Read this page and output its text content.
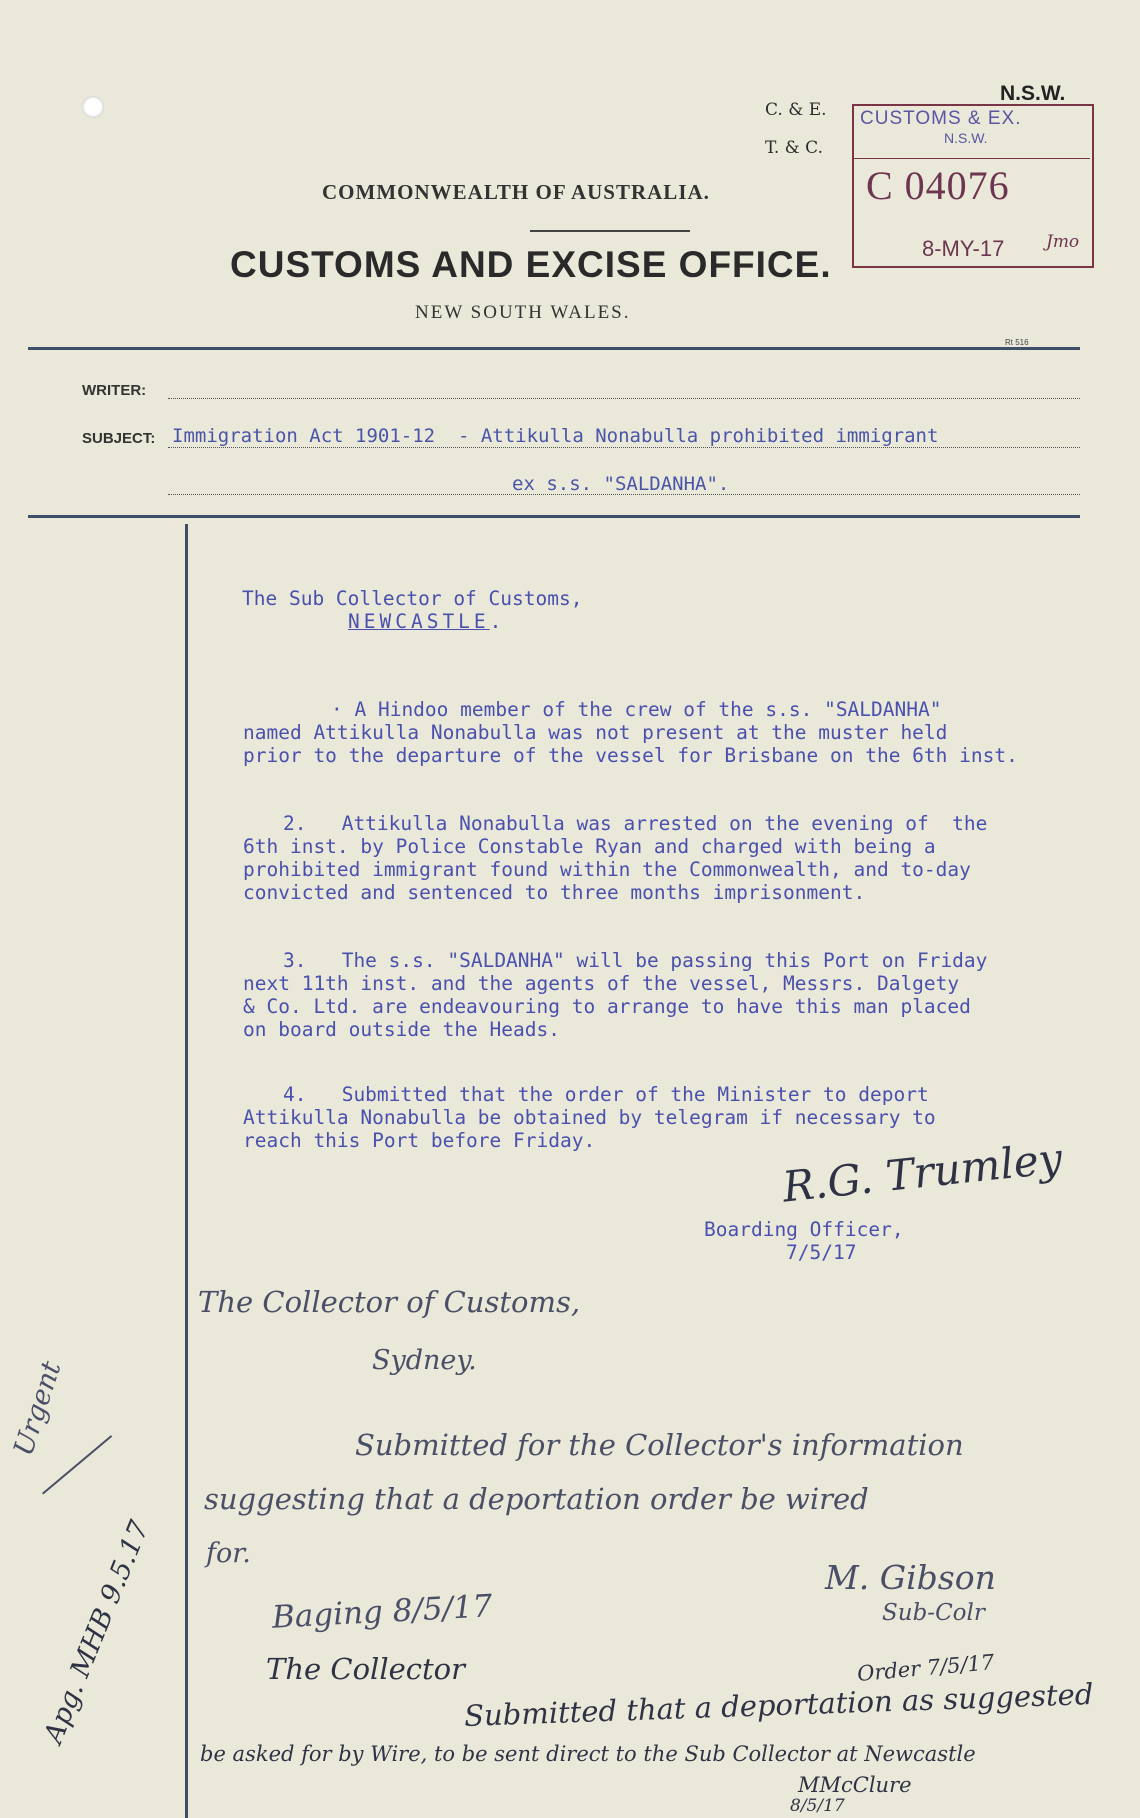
N.S.W.
C. & E.
T. & C.
COMMONWEALTH OF AUSTRALIA.
CUSTOMS AND EXCISE OFFICE.
NEW SOUTH WALES.
CUSTOMS & EX.
N.S.W.
C 04076
8-MY-17 Jmo
Rt 516
WRITER:
SUBJECT: Immigration Act 1901-12  - Attikulla Nonabulla prohibited immigrant
ex s.s. "SALDANHA".
The Sub Collector of Customs,
NEWCASTLE.
· A Hindoo member of the crew of the s.s. "SALDANHA"
named Attikulla Nonabulla was not present at the muster held
prior to the departure of the vessel for Brisbane on the 6th inst.
2.   Attikulla Nonabulla was arrested on the evening of  the
6th inst. by Police Constable Ryan and charged with being a
prohibited immigrant found within the Commonwealth, and to-day
convicted and sentenced to three months imprisonment.
3.   The s.s. "SALDANHA" will be passing this Port on Friday
next 11th inst. and the agents of the vessel, Messrs. Dalgety
& Co. Ltd. are endeavouring to arrange to have this man placed
on board outside the Heads.
4.   Submitted that the order of the Minister to deport
Attikulla Nonabulla be obtained by telegram if necessary to
reach this Port before Friday.	R.G. Trumley
Boarding Officer,
7/5/17
The Collector of Customs,
Sydney.
Submitted for the Collector's information
suggesting that a deportation order be wired
for.
M. Gibson
Sub-Colr
Baging 8/5/17
The Collector	Order 7/5/17
Submitted that a deportation as suggested
be asked for by Wire, to be sent direct to the Sub Collector at Newcastle
MMcClure
8/5/17
Urgent
Apg. MHB 9.5.17
